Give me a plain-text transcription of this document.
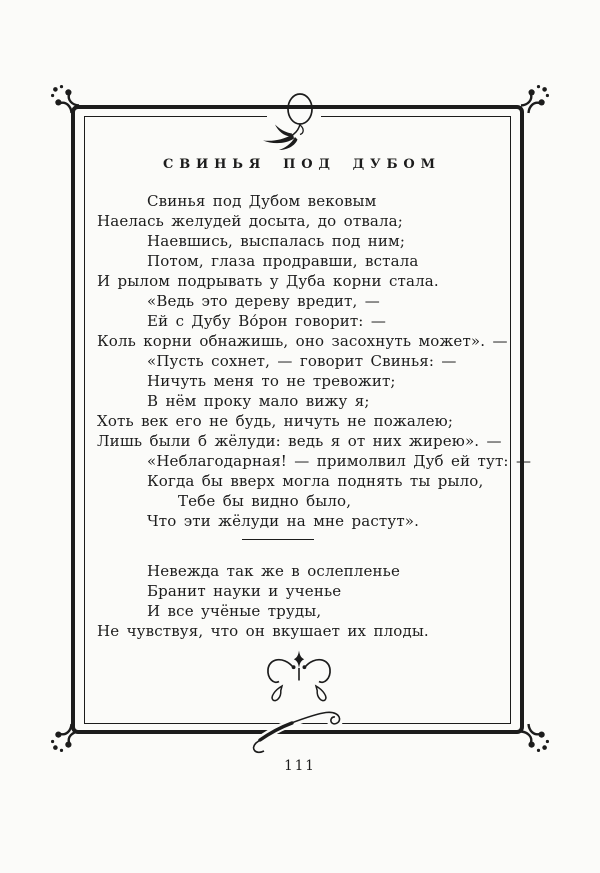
СВИНЬЯ ПОД ДУБОМ
Свинья под Дубом вековым
Наелась желудей досыта, до отвала;
Наевшись, выспалась под ним;
Потом, глаза продравши, встала
И рылом подрывать у Дуба корни стала.
«Ведь это дереву вредит, —
Ей с Дубу Во́рон говорит: —
Коль корни обнажишь, оно засохнуть может». —
«Пусть сохнет, — говорит Свинья: —
Ничуть меня то не тревожит;
В нём проку мало вижу я;
Хоть век его не будь, ничуть не пожалею;
Лишь были б жёлуди: ведь я от них жирею». —
«Неблагодарная! — примолвил Дуб ей тут: —
Когда бы вверх могла поднять ты рыло,
Тебе бы видно было,
Что эти жёлуди на мне растут».
Невежда так же в ослепленье
Бранит науки и ученье
И все учёные труды,
Не чувствуя, что он вкушает их плоды.
111
